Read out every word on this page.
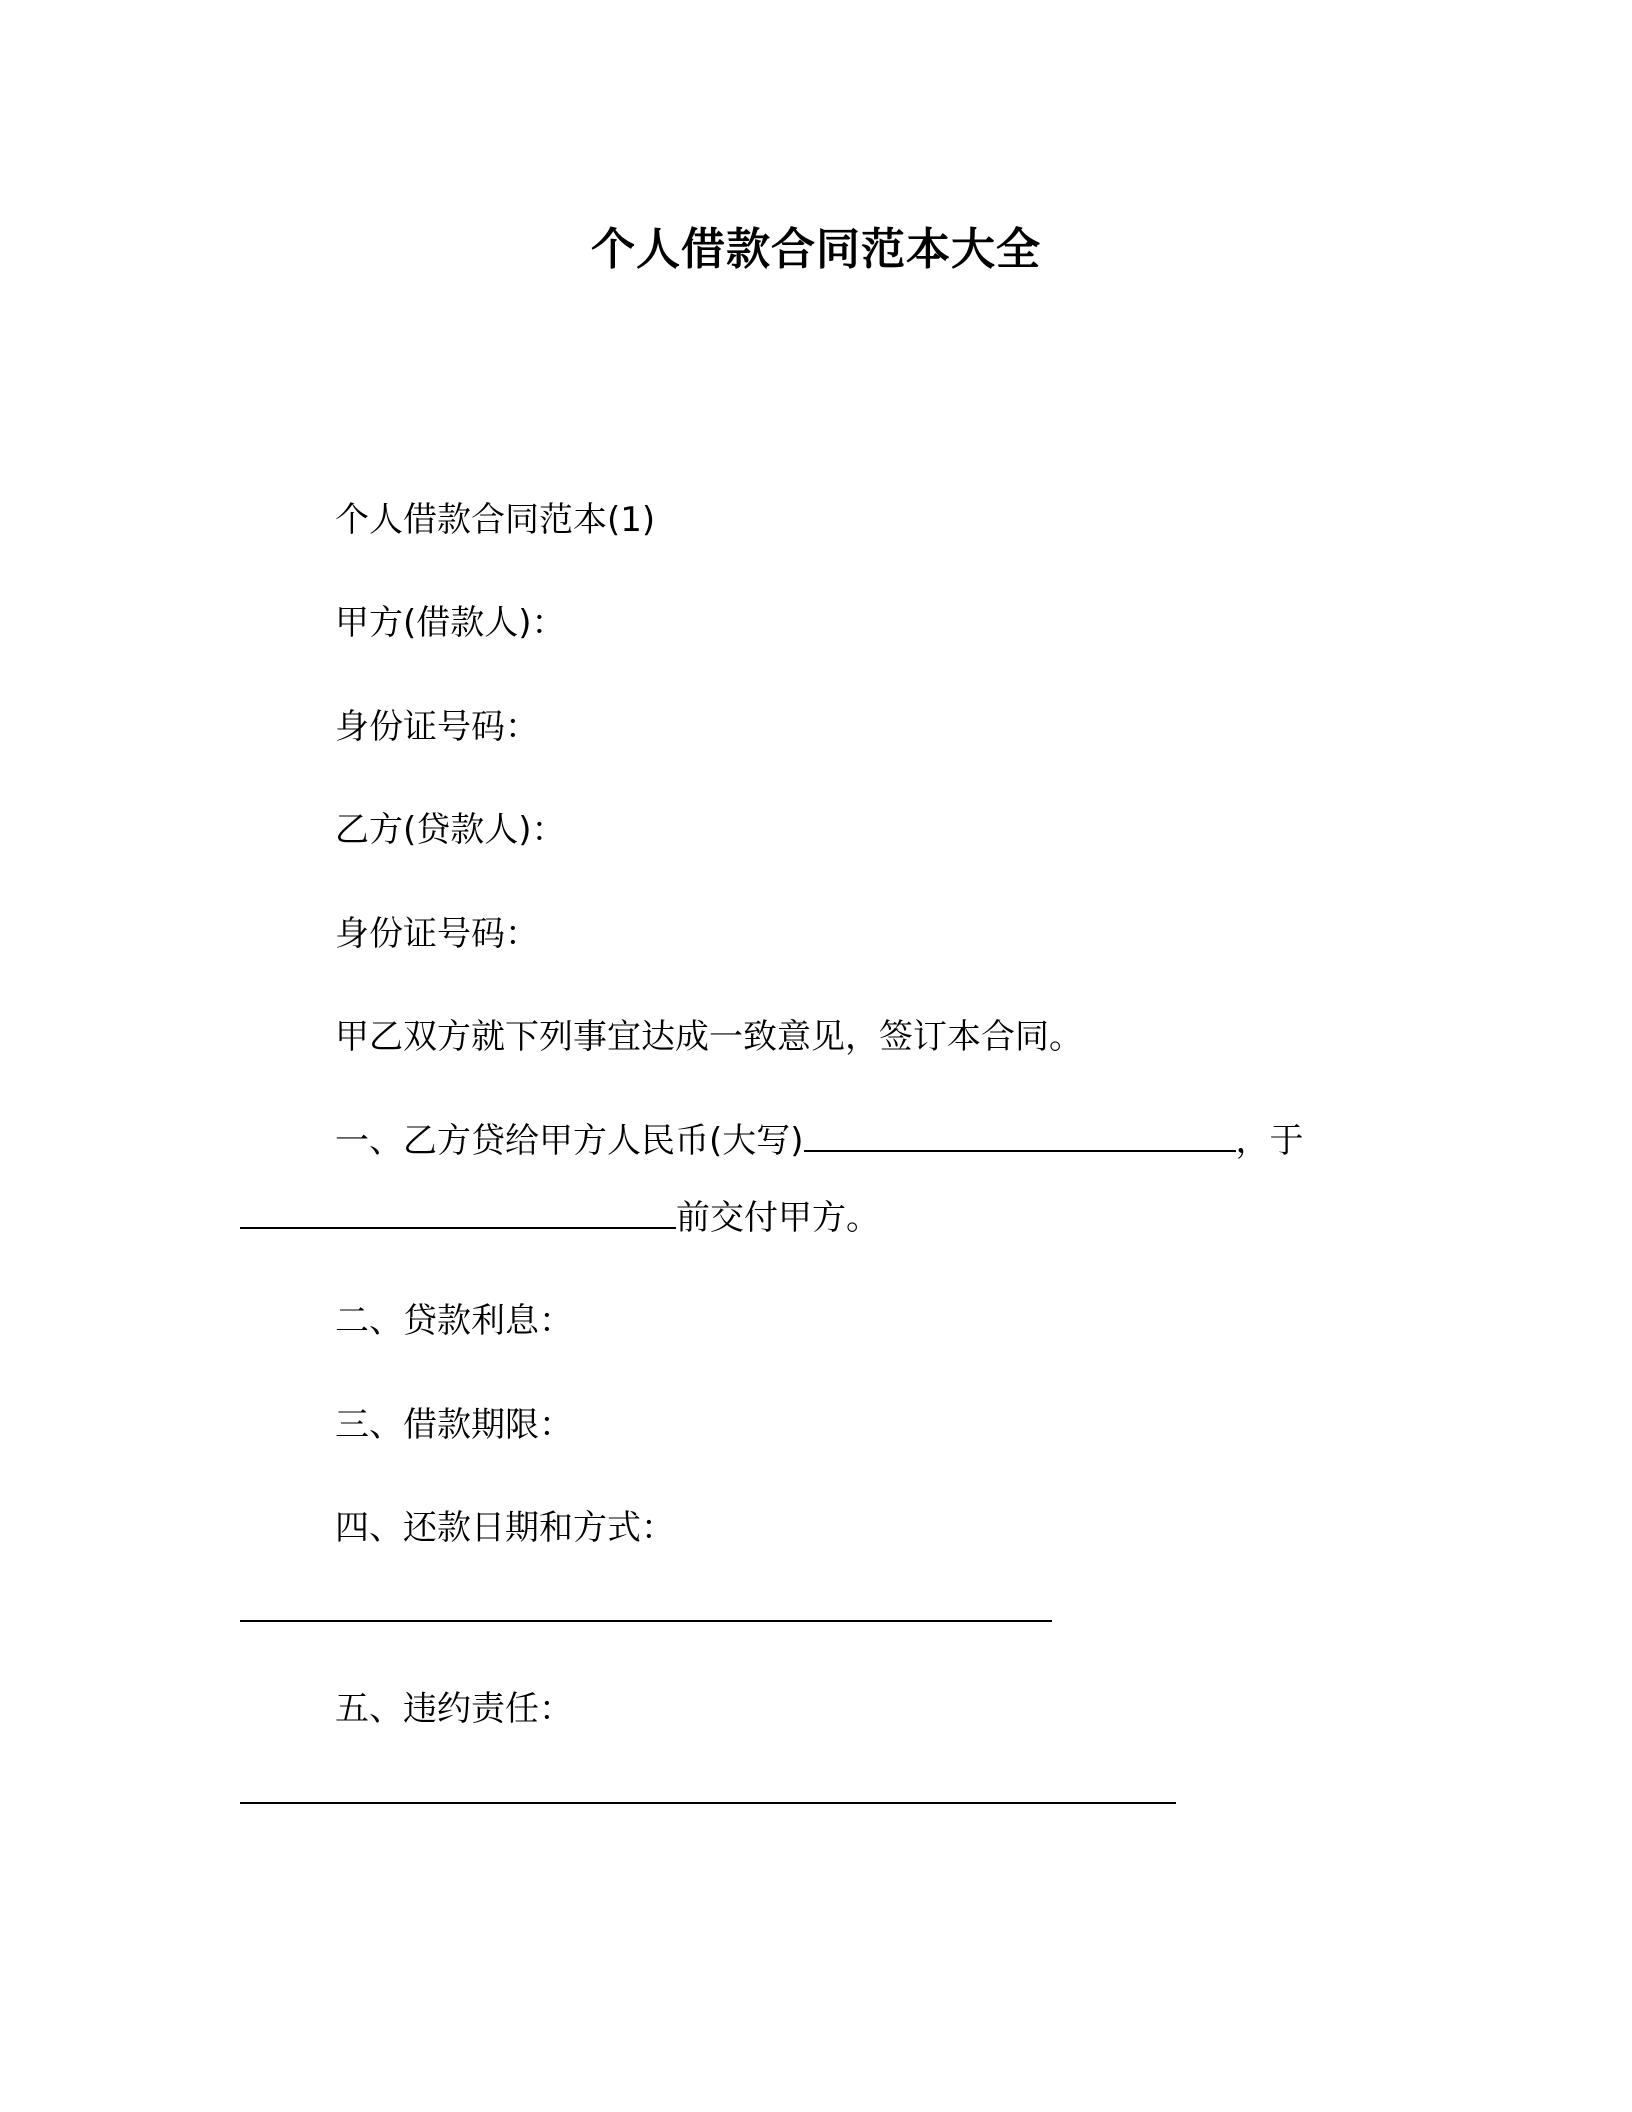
个人借款合同范本大全
个人借款合同范本(1)
甲方(借款人)：
身份证号码：
乙方(贷款人)：
身份证号码：
甲乙双方就下列事宜达成一致意见，签订本合同。
一、乙方贷给甲方人民币(大写)	，于
前交付甲方。
二、贷款利息：
三、借款期限：
四、还款日期和方式：
五、违约责任：
